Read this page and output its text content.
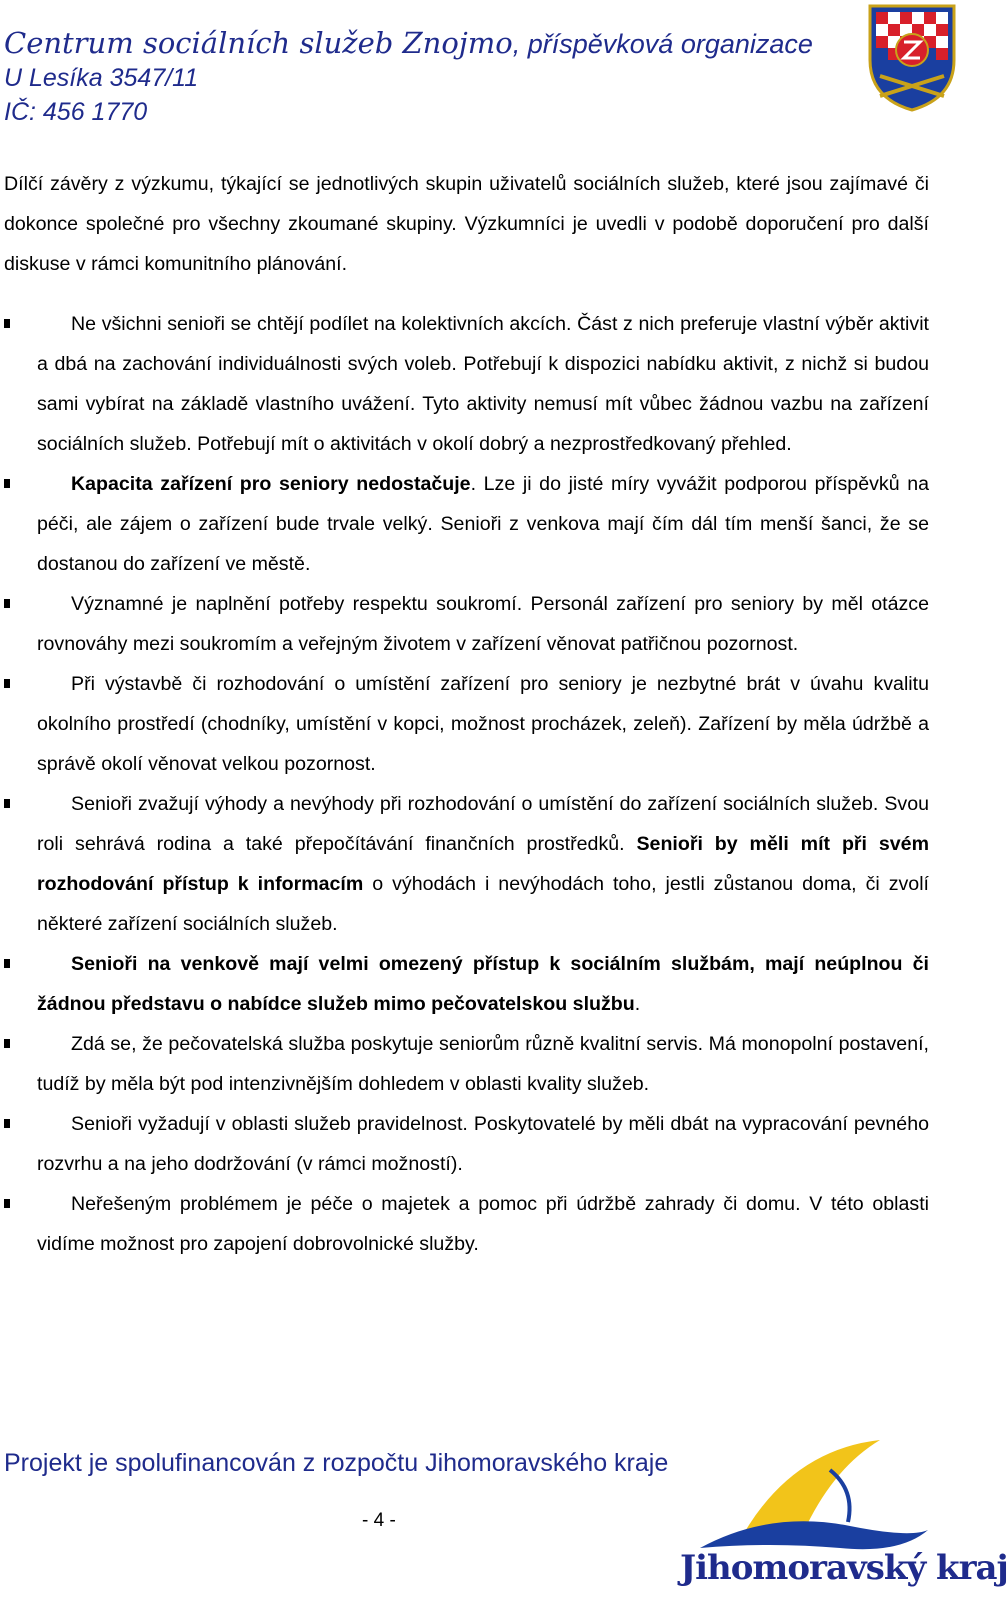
Centrum sociálních služeb Znojmo, příspěvková organizace
U Lesíka 3547/11
IČ: 456 1770

Dílčí závěry z výzkumu, týkající se jednotlivých skupin uživatelů sociálních služeb, které jsou zajímavé či dokonce společné pro všechny zkoumané skupiny. Výzkumníci je uvedli v podobě doporučení pro další diskuse v rámci komunitního plánování.

Ne všichni senioři se chtějí podílet na kolektivních akcích. Část z nich preferuje vlastní výběr aktivit a dbá na zachování individuálnosti svých voleb. Potřebují k dispozici nabídku aktivit, z nichž si budou sami vybírat na základě vlastního uvážení. Tyto aktivity nemusí mít vůbec žádnou vazbu na zařízení sociálních služeb. Potřebují mít o aktivitách v okolí dobrý a nezprostředkovaný přehled.
Kapacita zařízení pro seniory nedostačuje. Lze ji do jisté míry vyvážit podporou příspěvků na péči, ale zájem o zařízení bude trvale velký. Senioři z venkova mají čím dál tím menší šanci, že se dostanou do zařízení ve městě.
Významné je naplnění potřeby respektu soukromí. Personál zařízení pro seniory by měl otázce rovnováhy mezi soukromím a veřejným životem v zařízení věnovat patřičnou pozornost.
Při výstavbě či rozhodování o umístění zařízení pro seniory je nezbytné brát v úvahu kvalitu okolního prostředí (chodníky, umístění v kopci, možnost procházek, zeleň). Zařízení by měla údržbě a správě okolí věnovat velkou pozornost.
Senioři zvažují výhody a nevýhody při rozhodování o umístění do zařízení sociálních služeb. Svou roli sehrává rodina a také přepočítávání finančních prostředků. Senioři by měli mít při svém rozhodování přístup k informacím o výhodách i nevýhodách toho, jestli zůstanou doma, či zvolí některé zařízení sociálních služeb.
Senioři na venkově mají velmi omezený přístup k sociálním službám, mají neúplnou či žádnou představu o nabídce služeb mimo pečovatelskou službu.
Zdá se, že pečovatelská služba poskytuje seniorům různě kvalitní servis. Má monopolní postavení, tudíž by měla být pod intenzivnějším dohledem v oblasti kvality služeb.
Senioři vyžadují v oblasti služeb pravidelnost. Poskytovatelé by měli dbát na vypracování pevného rozvrhu a na jeho dodržování (v rámci možností).
Neřešeným problémem je péče o majetek a pomoc při údržbě zahrady či domu. V této oblasti vidíme možnost pro zapojení dobrovolnické služby.
Projekt je spolufinancován z rozpočtu Jihomoravského kraje
- 4 -
Jihomoravský kraj
